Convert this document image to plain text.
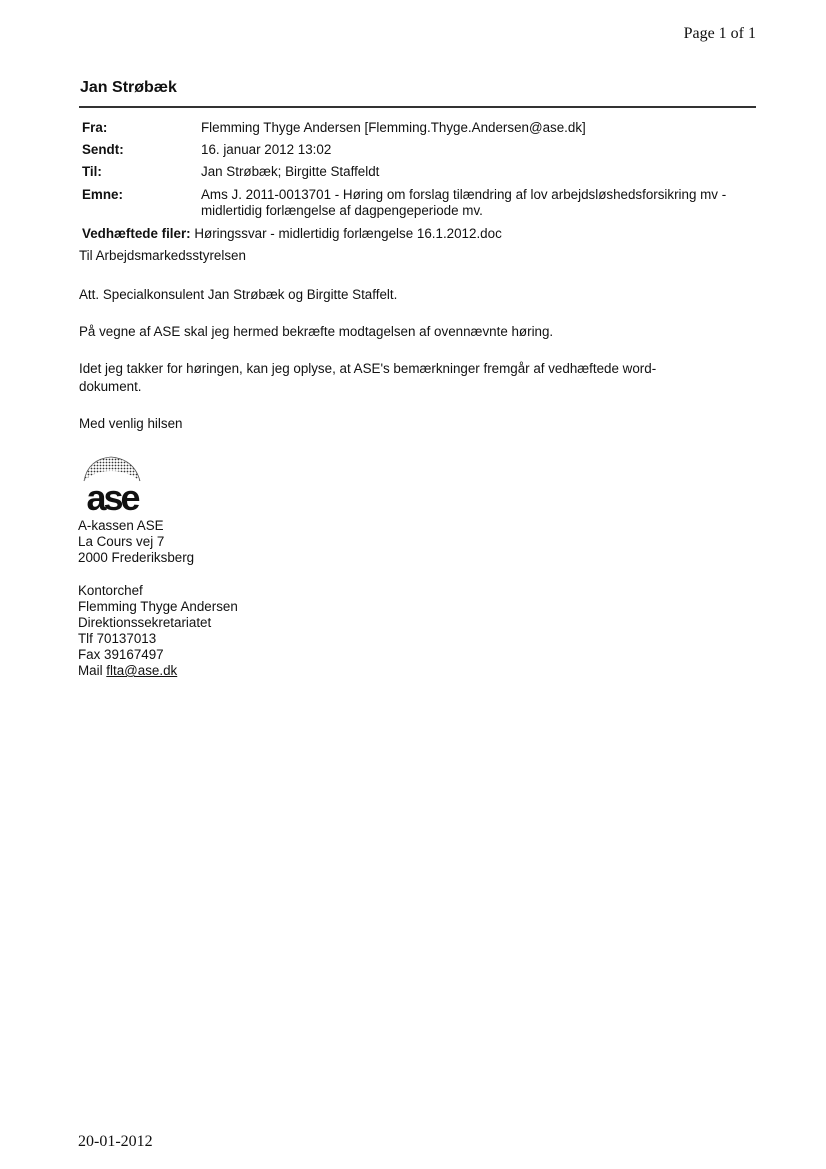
Page 1 of 1
Jan Strøbæk
Fra:	Flemming Thyge Andersen [Flemming.Thyge.Andersen@ase.dk]
Sendt:	16. januar 2012 13:02
Til:	Jan Strøbæk; Birgitte Staffeldt
Emne:	Ams J. 2011-0013701 - Høring om forslag tilændring af lov arbejdsløshedsforsikring mv -
midlertidig forlængelse af dagpengeperiode mv.
Vedhæftede filer: Høringssvar - midlertidig forlængelse 16.1.2012.doc
Til Arbejdsmarkedsstyrelsen
Att. Specialkonsulent Jan Strøbæk og Birgitte Staffelt.
På vegne af ASE skal jeg hermed bekræfte modtagelsen af ovennævnte høring.
Idet jeg takker for høringen, kan jeg oplyse, at ASE's bemærkninger fremgår af vedhæftede word-
dokument.
Med venlig hilsen
ase
A-kassen ASE
La Cours vej 7
2000 Frederiksberg
Kontorchef
Flemming Thyge Andersen
Direktionssekretariatet
Tlf 70137013
Fax 39167497
Mail flta@ase.dk
20-01-2012
